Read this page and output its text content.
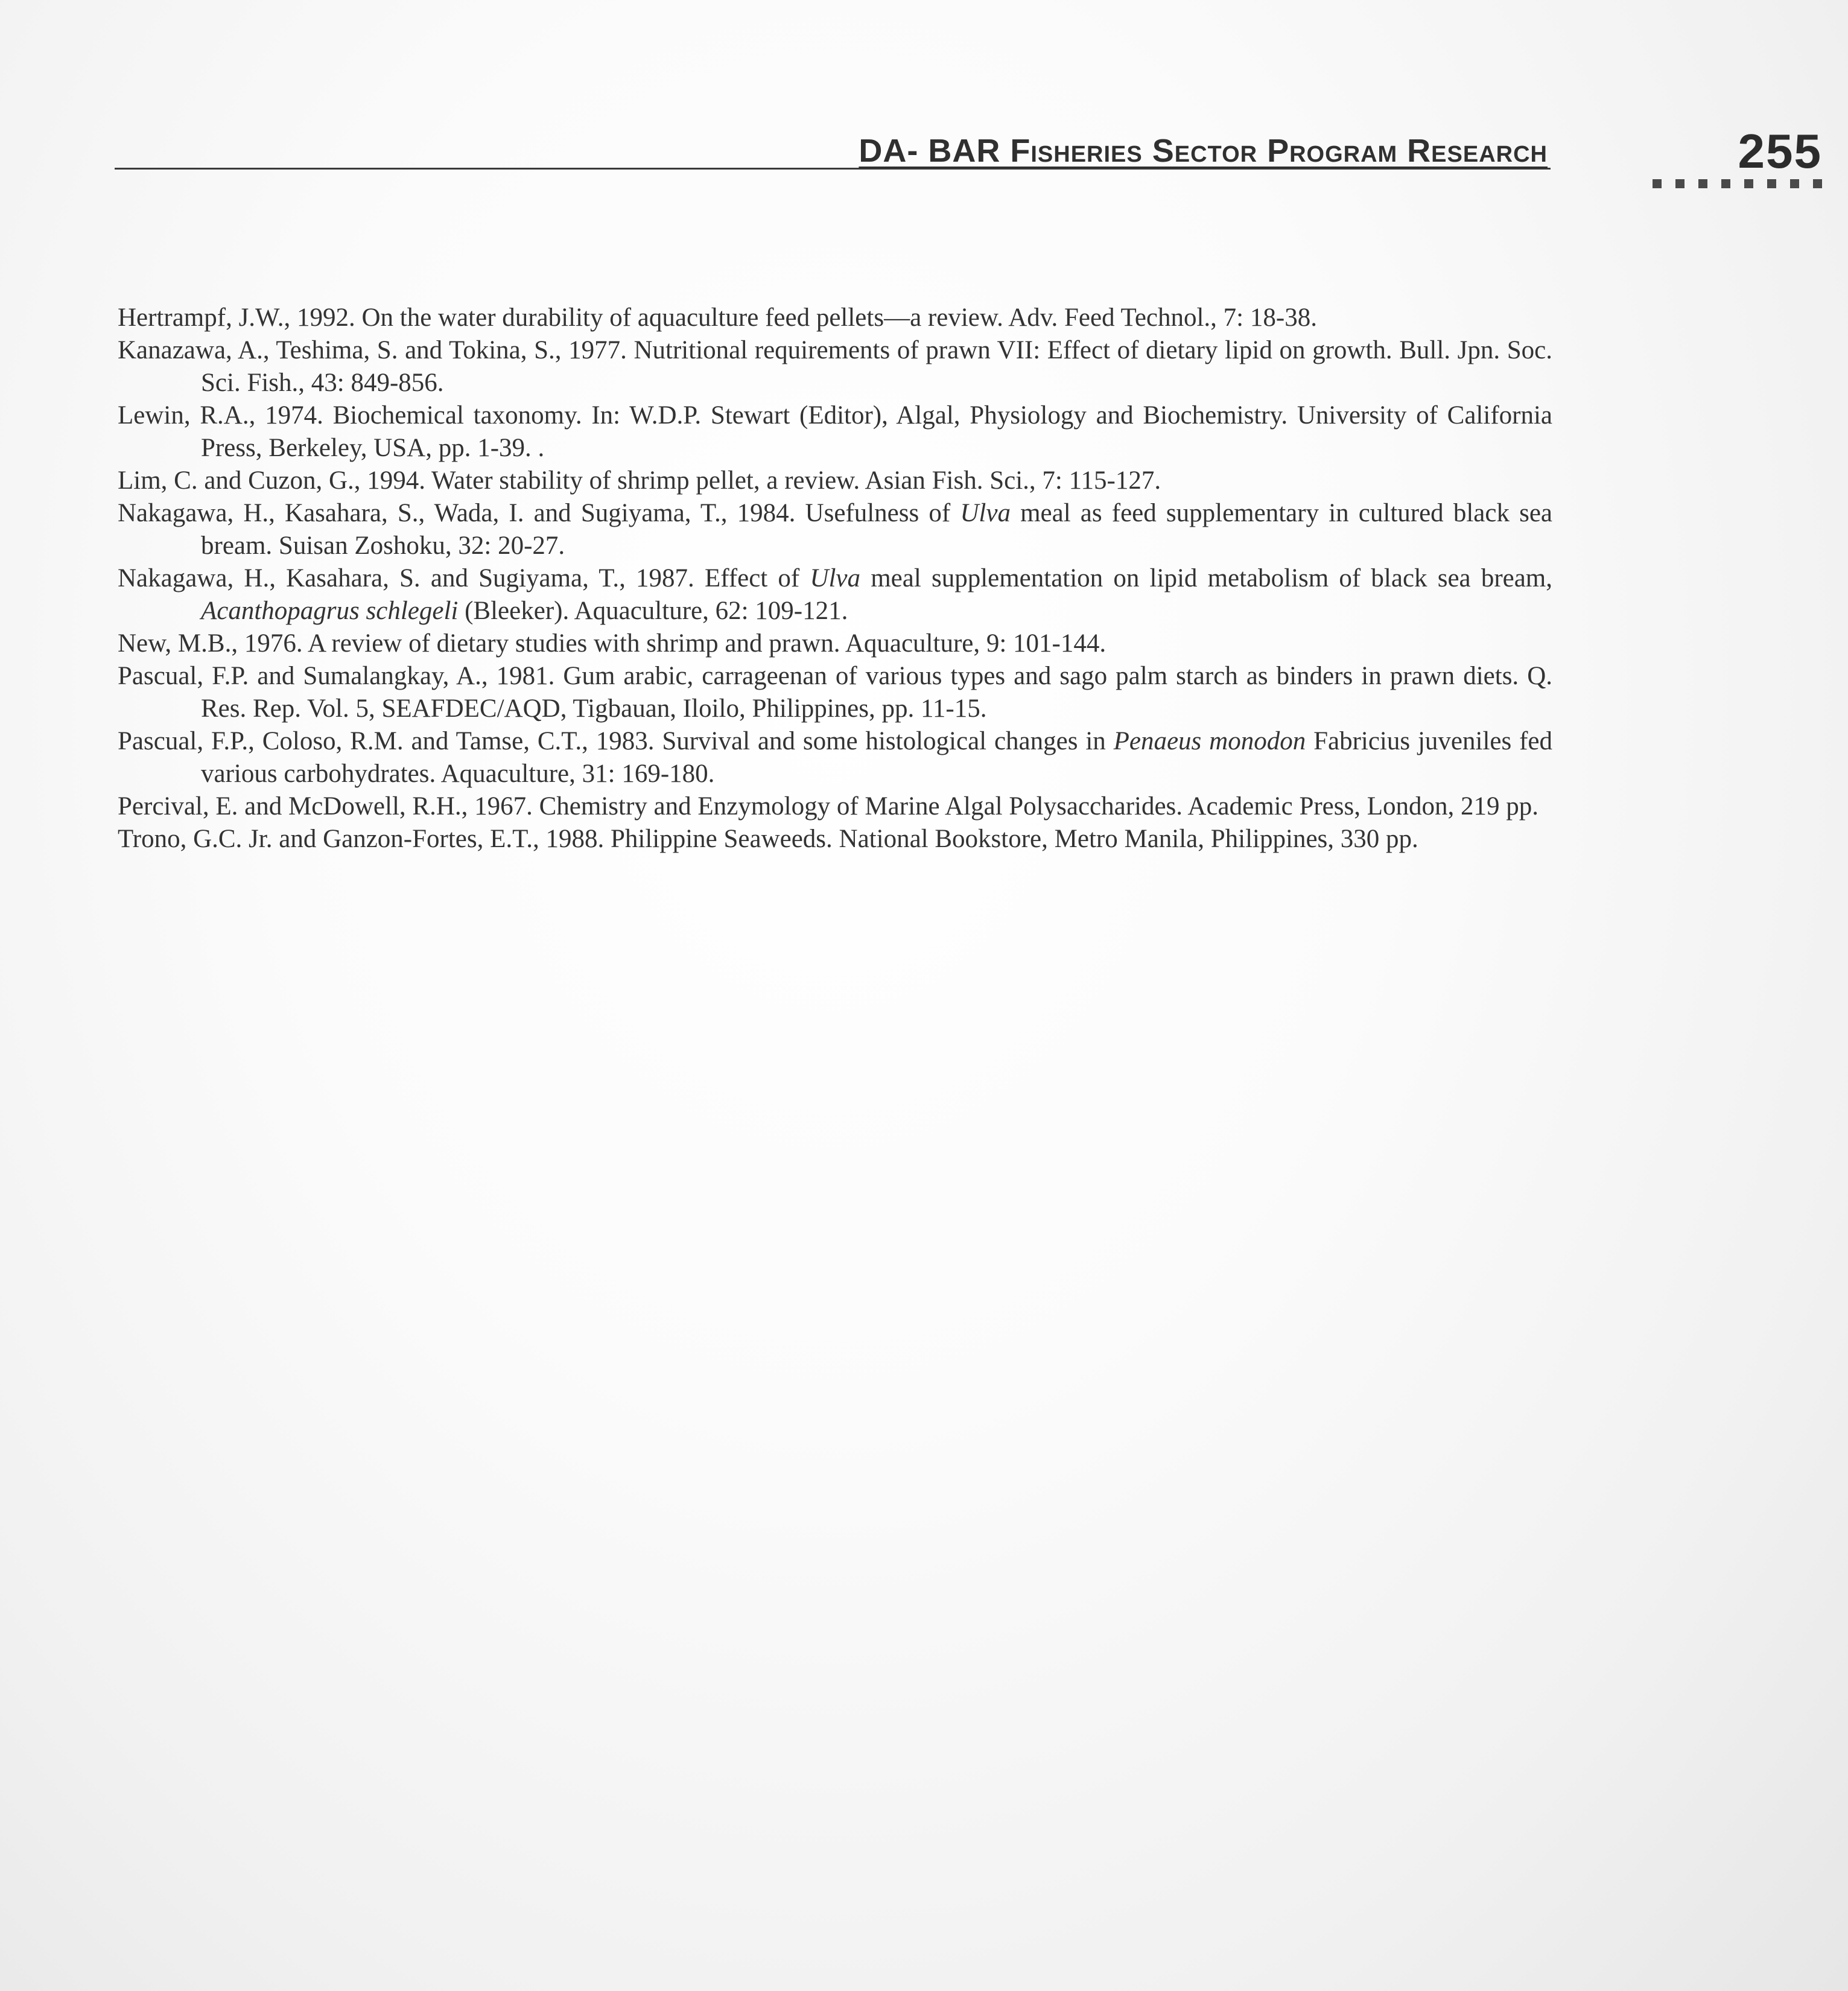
DA- BAR Fisheries Sector Program Research	255
Hertrampf, J.W., 1992. On the water durability of aquaculture feed pellets—a review. Adv. Feed Technol., 7: 18-38.
Kanazawa, A., Teshima, S. and Tokina, S., 1977. Nutritional requirements of prawn VII: Effect of dietary lipid on growth. Bull. Jpn. Soc. Sci. Fish., 43: 849-856.
Lewin, R.A., 1974. Biochemical taxonomy. In: W.D.P. Stewart (Editor), Algal, Physiology and Biochemistry. University of California Press, Berkeley, USA, pp. 1-39. .
Lim, C. and Cuzon, G., 1994. Water stability of shrimp pellet, a review. Asian Fish. Sci., 7: 115-127.
Nakagawa, H., Kasahara, S., Wada, I. and Sugiyama, T., 1984. Usefulness of Ulva meal as feed supplementary in cultured black sea bream. Suisan Zoshoku, 32: 20-27.
Nakagawa, H., Kasahara, S. and Sugiyama, T., 1987. Effect of Ulva meal supplementation on lipid metabolism of black sea bream, Acanthopagrus schlegeli (Bleeker). Aquaculture, 62: 109-121.
New, M.B., 1976. A review of dietary studies with shrimp and prawn. Aquaculture, 9: 101-144.
Pascual, F.P. and Sumalangkay, A., 1981. Gum arabic, carrageenan of various types and sago palm starch as binders in prawn diets. Q. Res. Rep. Vol. 5, SEAFDEC/AQD, Tigbauan, Iloilo, Philippines, pp. 11-15.
Pascual, F.P., Coloso, R.M. and Tamse, C.T., 1983. Survival and some histological changes in Penaeus monodon Fabricius juveniles fed various carbohydrates. Aquaculture, 31: 169-180.
Percival, E. and McDowell, R.H., 1967. Chemistry and Enzymology of Marine Algal Polysaccharides. Academic Press, London, 219 pp.
Trono, G.C. Jr. and Ganzon-Fortes, E.T., 1988. Philippine Seaweeds. National Bookstore, Metro Manila, Philippines, 330 pp.
